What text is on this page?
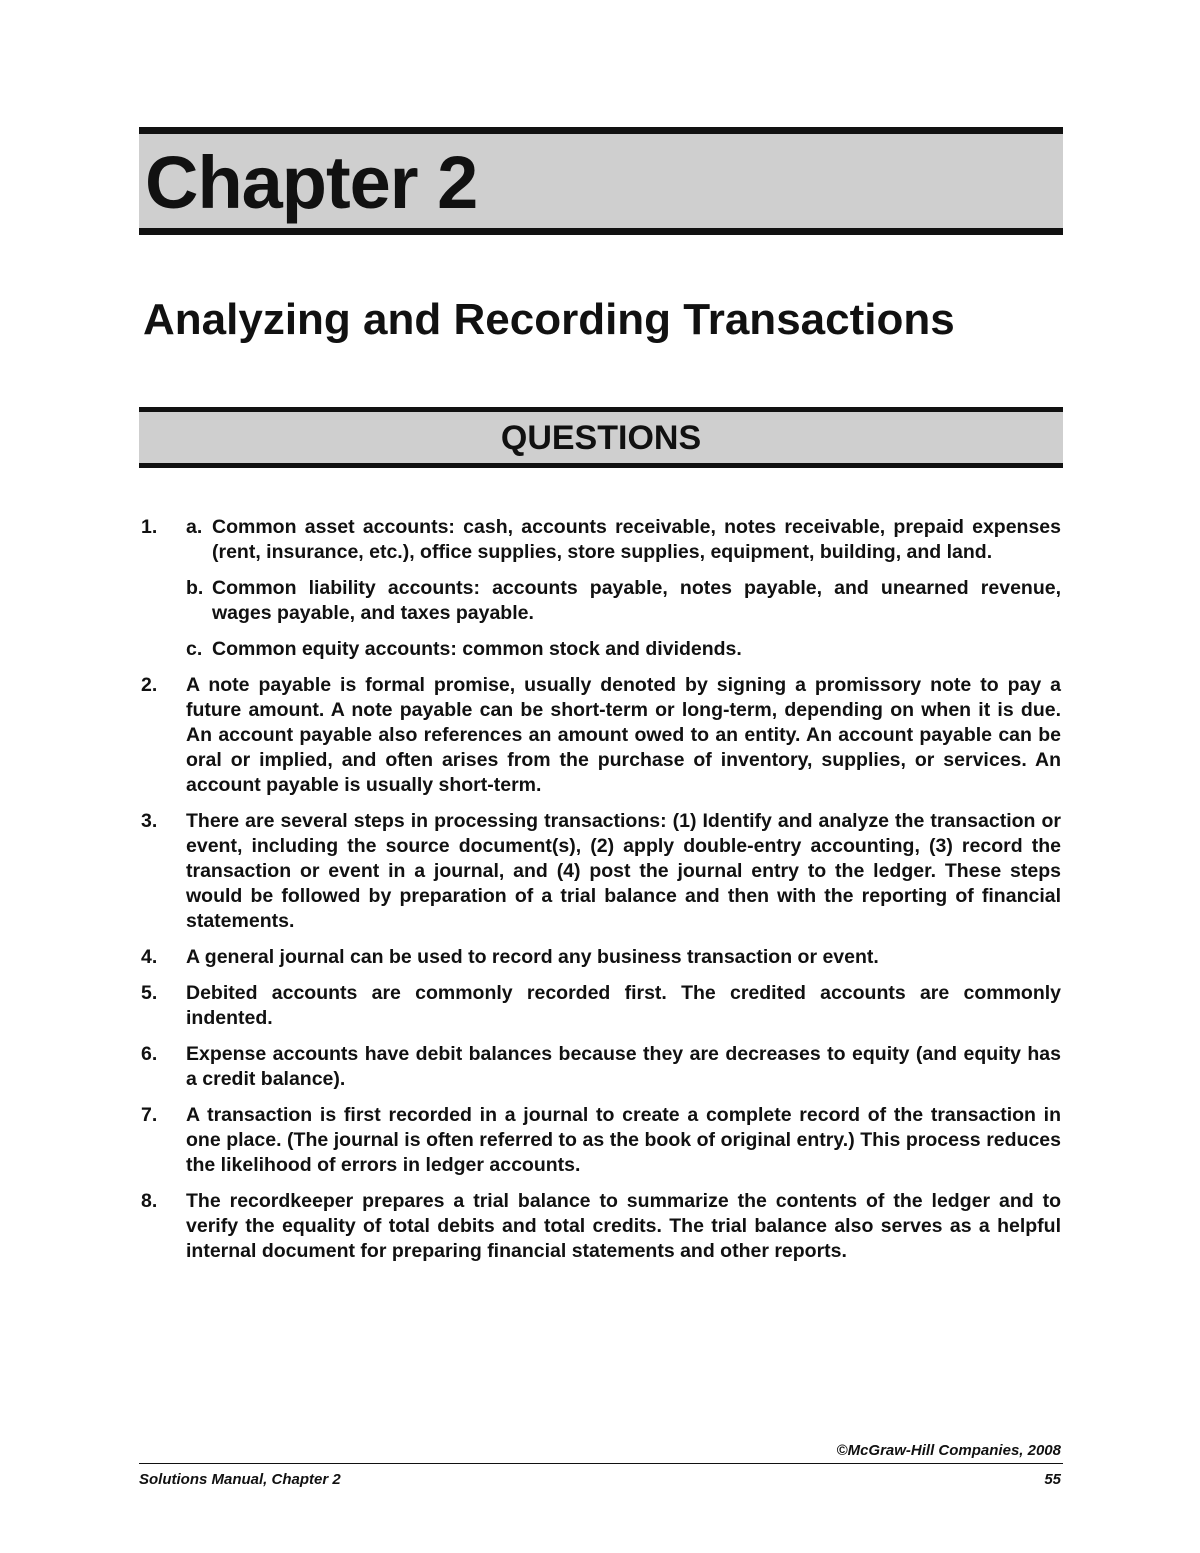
Chapter 2
Analyzing and Recording Transactions
QUESTIONS
1. a. Common asset accounts: cash, accounts receivable, notes receivable, prepaid expenses (rent, insurance, etc.), office supplies, store supplies, equipment, building, and land.

b. Common liability accounts: accounts payable, notes payable, and unearned revenue, wages payable, and taxes payable.

c. Common equity accounts: common stock and dividends.

2. A note payable is formal promise, usually denoted by signing a promissory note to pay a future amount. A note payable can be short-term or long-term, depending on when it is due. An account payable also references an amount owed to an entity. An account payable can be oral or implied, and often arises from the purchase of inventory, supplies, or services. An account payable is usually short-term.

3. There are several steps in processing transactions: (1) Identify and analyze the transaction or event, including the source document(s), (2) apply double-entry accounting, (3) record the transaction or event in a journal, and (4) post the journal entry to the ledger. These steps would be followed by preparation of a trial balance and then with the reporting of financial statements.

4. A general journal can be used to record any business transaction or event.

5. Debited accounts are commonly recorded first. The credited accounts are commonly indented.

6. Expense accounts have debit balances because they are decreases to equity (and equity has a credit balance).

7. A transaction is first recorded in a journal to create a complete record of the transaction in one place. (The journal is often referred to as the book of original entry.) This process reduces the likelihood of errors in ledger accounts.

8. The recordkeeper prepares a trial balance to summarize the contents of the ledger and to verify the equality of total debits and total credits. The trial balance also serves as a helpful internal document for preparing financial statements and other reports.

©McGraw-Hill Companies, 2008
Solutions Manual, Chapter 2	55
